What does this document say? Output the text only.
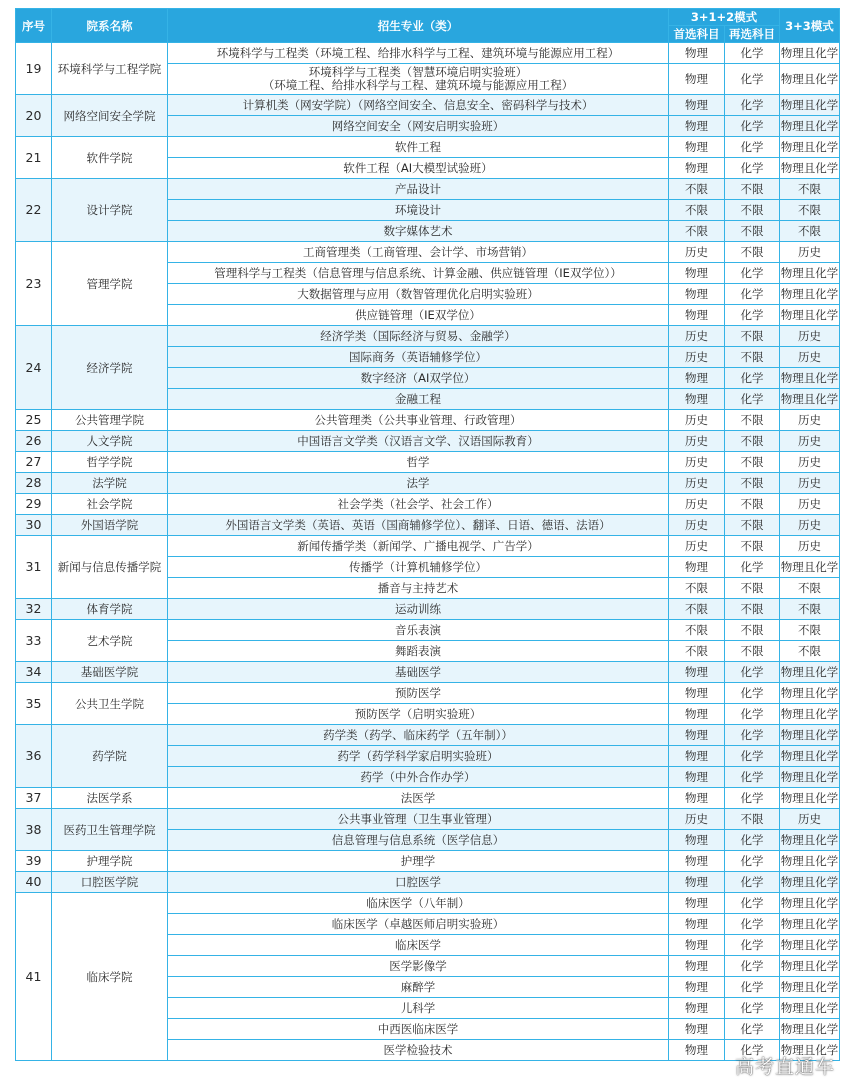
序号	院系名称	招生专业（类）	3+1+2模式		3+3模式
			首选科目	再选科目	
19	环境科学与工程学院	环境科学与工程类（环境工程、给排水科学与工程、建筑环境与能源应用工程）	物理	化学	物理且化学

		环境科学与工程类（智慧环境启明实验班）
（环境工程、给排水科学与工程、建筑环境与能源应用工程）	物理	化学	物理且化学
20	网络空间安全学院	计算机类（网安学院）（网络空间安全、信息安全、密码科学与技术）	物理	化学	物理且化学
		网络空间安全（网安启明实验班）	物理	化学	物理且化学
21	软件学院	软件工程	物理	化学	物理且化学
		软件工程（AI大模型试验班）	物理	化学	物理且化学
22	设计学院	产品设计	不限	不限	不限
		环境设计	不限	不限	不限
		数字媒体艺术	不限	不限	不限
23	管理学院	工商管理类（工商管理、会计学、市场营销）	历史	不限	历史
		管理科学与工程类（信息管理与信息系统、计算金融、供应链管理（IE双学位））	物理	化学	物理且化学
		大数据管理与应用（数智管理优化启明实验班）	物理	化学	物理且化学
		供应链管理（IE双学位）	物理	化学	物理且化学
24	经济学院	经济学类（国际经济与贸易、金融学）	历史	不限	历史
		国际商务（英语辅修学位）	历史	不限	历史
		数字经济（AI双学位）	物理	化学	物理且化学
		金融工程	物理	化学	物理且化学
25	公共管理学院	公共管理类（公共事业管理、行政管理）	历史	不限	历史
26	人文学院	中国语言文学类（汉语言文学、汉语国际教育）	历史	不限	历史
27	哲学学院	哲学	历史	不限	历史
28	法学院	法学	历史	不限	历史
29	社会学院	社会学类（社会学、社会工作）	历史	不限	历史
30	外国语学院	外国语言文学类（英语、英语（国商辅修学位）、翻译、日语、德语、法语）	历史	不限	历史
31	新闻与信息传播学院	新闻传播学类（新闻学、广播电视学、广告学）	历史	不限	历史
		传播学（计算机辅修学位）	物理	化学	物理且化学
		播音与主持艺术	不限	不限	不限
32	体育学院	运动训练	不限	不限	不限
33	艺术学院	音乐表演	不限	不限	不限
		舞蹈表演	不限	不限	不限
34	基础医学院	基础医学	物理	化学	物理且化学
35	公共卫生学院	预防医学	物理	化学	物理且化学
		预防医学（启明实验班）	物理	化学	物理且化学
36	药学院	药学类（药学、临床药学（五年制））	物理	化学	物理且化学
		药学（药学科学家启明实验班）	物理	化学	物理且化学
		药学（中外合作办学）	物理	化学	物理且化学
37	法医学系	法医学	物理	化学	物理且化学
38	医药卫生管理学院	公共事业管理（卫生事业管理）	历史	不限	历史
		信息管理与信息系统（医学信息）	物理	化学	物理且化学
39	护理学院	护理学	物理	化学	物理且化学
40	口腔医学院	口腔医学	物理	化学	物理且化学
41	临床学院	临床医学（八年制）	物理	化学	物理且化学
		临床医学（卓越医师启明实验班）	物理	化学	物理且化学
		临床医学	物理	化学	物理且化学
		医学影像学	物理	化学	物理且化学
		麻醉学	物理	化学	物理且化学
		儿科学	物理	化学	物理且化学
		中西医临床医学	物理	化学	物理且化学
		医学检验技术	物理	化学	物理且化学
高考直通车
